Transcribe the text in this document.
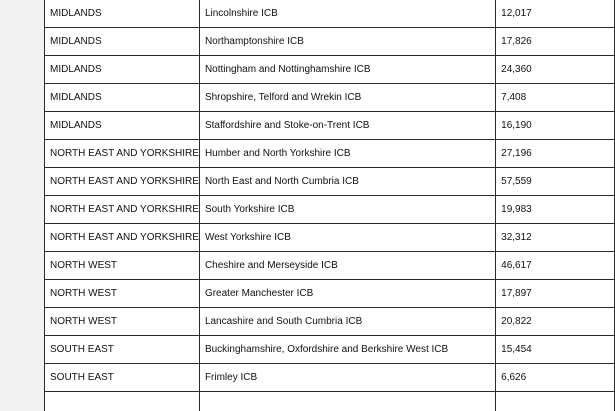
MIDLANDS	Lincolnshire ICB	12,017
MIDLANDS	Northamptonshire ICB	17,826
MIDLANDS	Nottingham and Nottinghamshire ICB	24,360
MIDLANDS	Shropshire, Telford and Wrekin ICB	7,408
MIDLANDS	Staffordshire and Stoke-on-Trent ICB	16,190
NORTH EAST AND YORKSHIRE	Humber and North Yorkshire ICB	27,196
NORTH EAST AND YORKSHIRE	North East and North Cumbria ICB	57,559
NORTH EAST AND YORKSHIRE	South Yorkshire ICB	19,983
NORTH EAST AND YORKSHIRE	West Yorkshire ICB	32,312
NORTH WEST	Cheshire and Merseyside ICB	46,617
NORTH WEST	Greater Manchester ICB	17,897
NORTH WEST	Lancashire and South Cumbria ICB	20,822
SOUTH EAST	Buckinghamshire, Oxfordshire and Berkshire West ICB	15,454
SOUTH EAST	Frimley ICB	6,626
